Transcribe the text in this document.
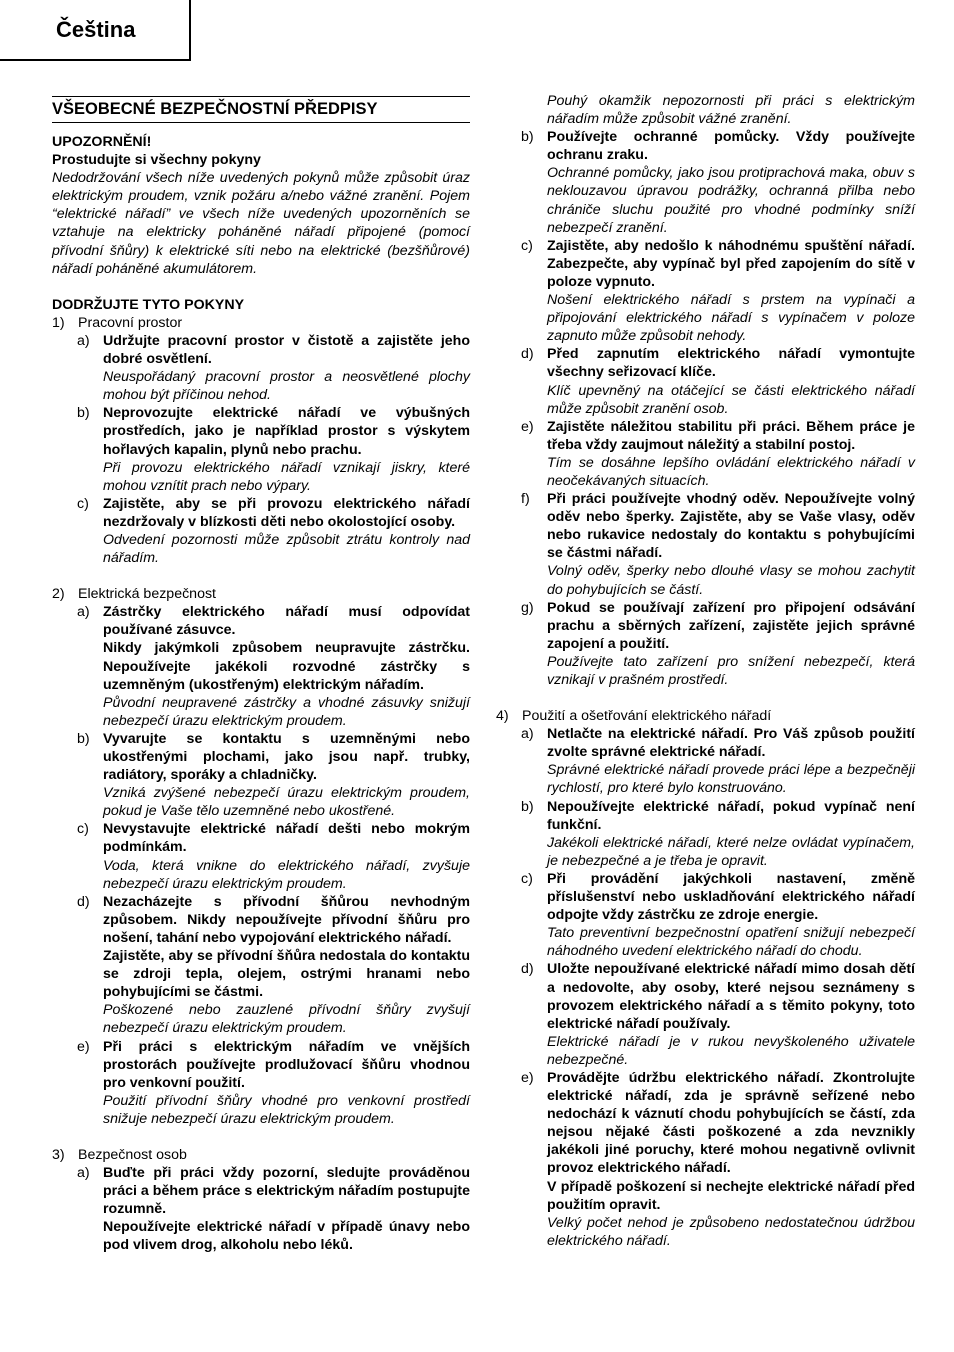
Čeština
VŠEOBECNÉ BEZPEČNOSTNÍ PŘEDPISY

UPOZORNĚNÍ!

Prostudujte si všechny pokyny

Nedodržování všech níže uvedených pokynů může způsobit úraz elektrickým proudem, vznik požáru a/nebo vážné zranění. Pojem “elektrické nářadí” ve všech níže uvedených upozorněních se vztahuje na elektricky poháněné nářadí připojené (pomocí přívodní šňůry) k elektrické síti nebo na elektrické (bezšňůrové) nářadí poháněné akumulátorem.

DODRŽUJTE TYTO POKYNY

1) Pracovní prostor
a) Udržujte pracovní prostor v čistotě a zajistěte jeho dobré osvětlení.

Neuspořádaný pracovní prostor a neosvětlené plochy mohou být příčinou nehod.

b) Neprovozujte elektrické nářadí ve výbušných prostředích, jako je například prostor s výskytem hořlavých kapalin, plynů nebo prachu.

Při provozu elektrického nářadí vznikají jiskry, které mohou vznítit prach nebo výpary.

c) Zajistěte, aby se při provozu elektrického nářadí nezdržovaly v blízkosti děti nebo okolostojící osoby.

Odvedení pozornosti může způsobit ztrátu kontroly nad nářadím.

2) Elektrická bezpečnost
a) Zástrčky elektrického nářadí musí odpovídat používané zásuvce.

Nikdy jakýmkoli způsobem neupravujte zástrčku. Nepoužívejte jakékoli rozvodné zástrčky s uzemněným (ukostřeným) elektrickým nářadím.

Původní neupravené zástrčky a vhodné zásuvky snižují nebezpečí úrazu elektrickým proudem.

b) Vyvarujte se kontaktu s uzemněnými nebo ukostřenými plochami, jako jsou např. trubky, radiátory, sporáky a chladničky.

Vzniká zvýšené nebezpečí úrazu elektrickým proudem, pokud je Vaše tělo uzemněné nebo ukostřené.

c) Nevystavujte elektrické nářadí dešti nebo mokrým podmínkám.

Voda, která vnikne do elektrického nářadí, zvyšuje nebezpečí úrazu elektrickým proudem.

d) Nezacházejte s přívodní šňůrou nevhodným způsobem. Nikdy nepoužívejte přívodní šňůru pro nošení, tahání nebo vypojování elektrického nářadí.

Zajistěte, aby se přívodní šňůra nedostala do kontaktu se zdroji tepla, olejem, ostrými hranami nebo pohybujícími se částmi.

Poškozené nebo zauzlené přívodní šňůry zvyšují nebezpečí úrazu elektrickým proudem.

e) Při práci s elektrickým nářadím ve vnějších prostorách používejte prodlužovací šňůru vhodnou pro venkovní použití.

Použití přívodní šňůry vhodné pro venkovní prostředí snižuje nebezpečí úrazu elektrickým proudem.

3) Bezpečnost osob
a) Buďte při práci vždy pozorní, sledujte prováděnou práci a během práce s elektrickým nářadím postupujte rozumně.

Nepoužívejte elektrické nářadí v případě únavy nebo pod vlivem drog, alkoholu nebo léků.

Pouhý okamžik nepozornosti při práci s elektrickým nářadím může způsobit vážné zranění.

b) Používejte ochranné pomůcky. Vždy používejte ochranu zraku.

Ochranné pomůcky, jako jsou protiprachová maka, obuv s neklouzavou úpravou podrážky, ochranná přilba nebo chrániče sluchu použité pro vhodné podmínky sníží nebezpečí zranění.

c) Zajistěte, aby nedošlo k náhodnému spuštění nářadí. Zabezpečte, aby vypínač byl před zapojením do sítě v poloze vypnuto.

Nošení elektrického nářadí s prstem na vypínači a připojování elektrického nářadí s vypínačem v poloze zapnuto může způsobit nehody.

d) Před zapnutím elektrického nářadí vymontujte všechny seřizovací klíče.

Klíč upevněný na otáčející se části elektrického nářadí může způsobit zranění osob.

e) Zajistěte náležitou stabilitu při práci. Během práce je třeba vždy zaujmout náležitý a stabilní postoj.

Tím se dosáhne lepšího ovládání elektrického nářadí v neočekávaných situacích.

f)	Při práci používejte vhodný oděv. Nepoužívejte volný oděv nebo šperky. Zajistěte, aby se Vaše vlasy, oděv nebo rukavice nedostaly do kontaktu s pohybujícími se částmi nářadí.

Volný oděv, šperky nebo dlouhé vlasy se mohou zachytit do pohybujících se částí.

g) Pokud se používají zařízení pro připojení odsávání prachu a sběrných zařízení, zajistěte jejich správné zapojení a použití.

Používejte tato zařízení pro snížení nebezpečí, která vznikají v prašném prostředí.

4) Použití a ošetřování elektrického nářadí
a) Netlačte na elektrické nářadí. Pro Váš způsob použití zvolte správné elektrické nářadí.

Správné elektrické nářadí provede práci lépe a bezpečněji rychlostí, pro které bylo konstruováno.

b) Nepoužívejte elektrické nářadí, pokud vypínač není funkční.

Jakékoli elektrické nářadí, které nelze ovládat vypínačem, je nebezpečné a je třeba je opravit.

c) Při provádění jakýchkoli nastavení, změně příslušenství nebo uskladňování elektrického nářadí odpojte vždy zástrčku ze zdroje energie.

Tato preventivní bezpečnostní opatření snižují nebezpečí náhodného uvedení elektrického nářadí do chodu.

d) Uložte nepoužívané elektrické nářadí mimo dosah dětí a nedovolte, aby osoby, které nejsou seznámeny s provozem elektrického nářadí a s těmito pokyny, toto elektrické nářadí používaly.

Elektrické nářadí je v rukou nevyškoleného uživatele nebezpečné.

e) Provádějte údržbu elektrického nářadí. Zkontrolujte elektrické nářadí, zda je správně seřízené nebo nedochází k váznutí chodu pohybujících se částí, zda nejsou nějaké části poškozené a zda nevznikly jakékoli jiné poruchy, které mohou negativně ovlivnit provoz elektrického nářadí.

V případě poškození si nechejte elektrické nářadí před použitím opravit.

Velký počet nehod je způsobeno nedostatečnou údržbou elektrického nářadí.
